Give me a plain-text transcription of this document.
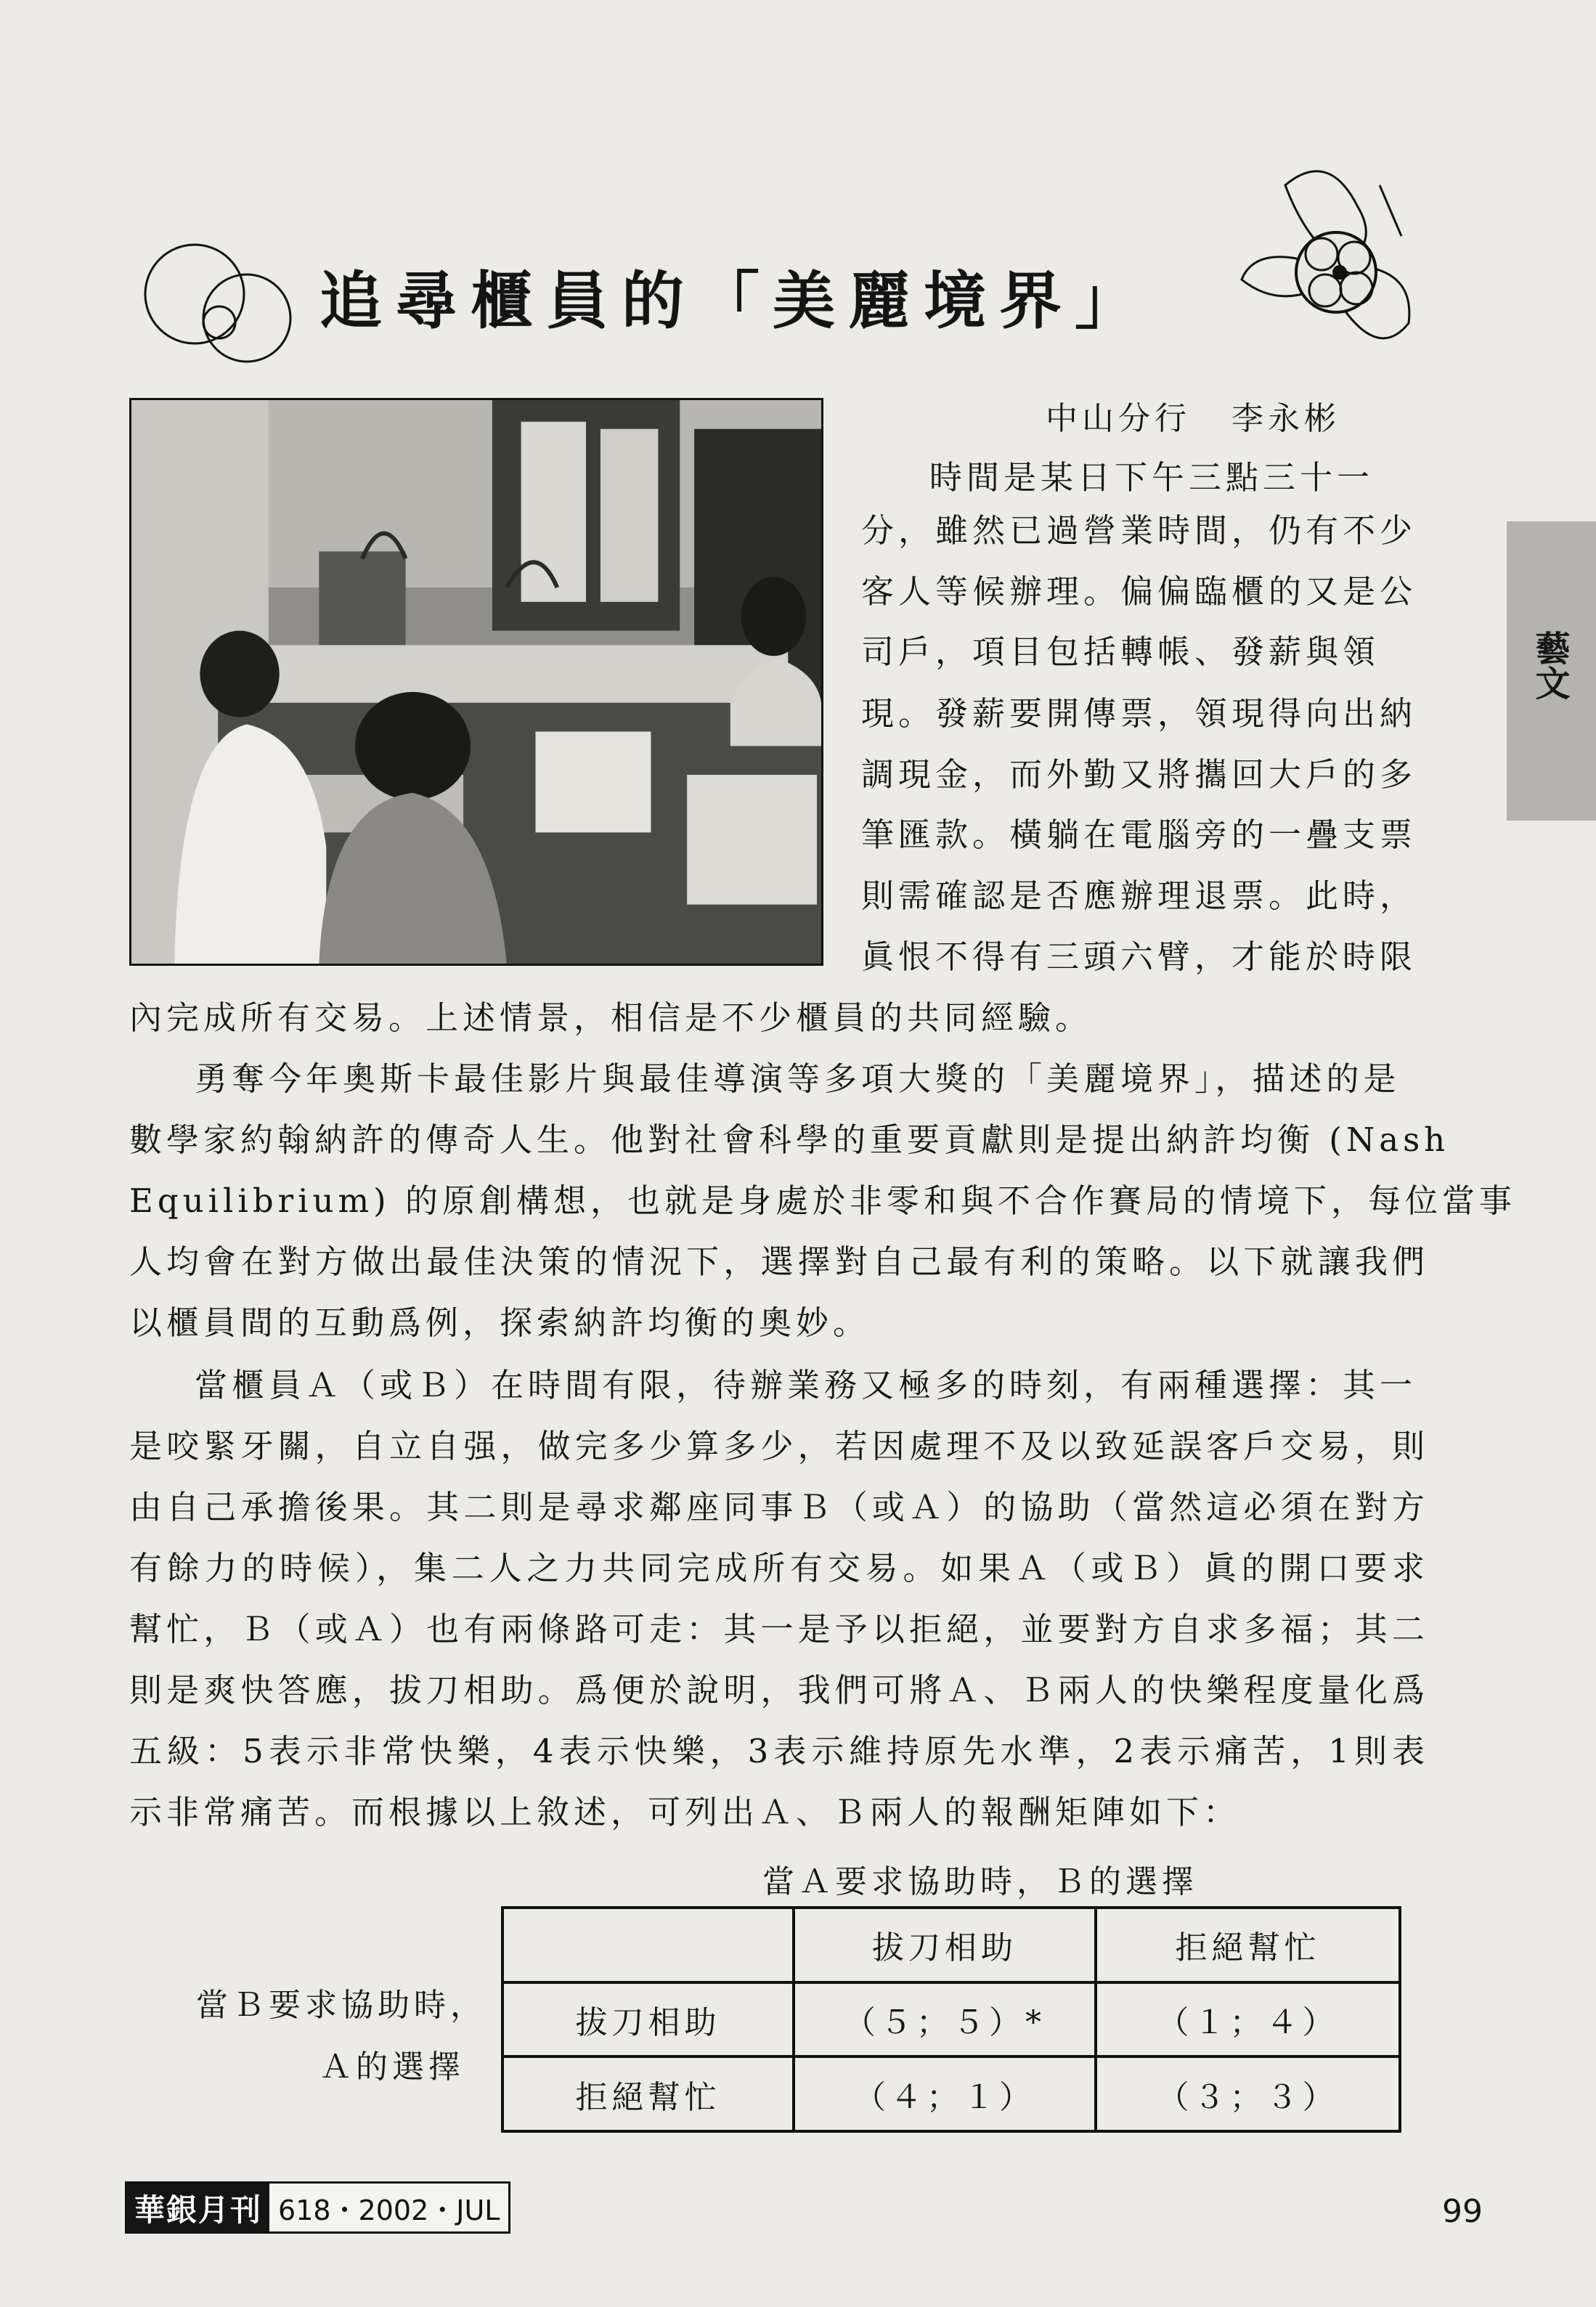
追尋櫃員的「美麗境界」
中山分行 李永彬
藝文
時間是某日下午三點三十一
分，雖然已過營業時間，仍有不少
客人等候辦理。偏偏臨櫃的又是公
司戶，項目包括轉帳、發薪與領
現。發薪要開傳票，領現得向出納
調現金，而外勤又將攜回大戶的多
筆匯款。橫躺在電腦旁的一疊支票
則需確認是否應辦理退票。此時，
眞恨不得有三頭六臂，才能於時限
內完成所有交易。上述情景，相信是不少櫃員的共同經驗。
勇奪今年奧斯卡最佳影片與最佳導演等多項大獎的「美麗境界」，描述的是
數學家約翰納許的傳奇人生。他對社會科學的重要貢獻則是提出納許均衡 (Nash
Equilibrium) 的原創構想，也就是身處於非零和與不合作賽局的情境下，每位當事
人均會在對方做出最佳決策的情況下，選擇對自己最有利的策略。以下就讓我們
以櫃員間的互動爲例，探索納許均衡的奧妙。
當櫃員Ａ（或Ｂ）在時間有限，待辦業務又極多的時刻，有兩種選擇：其一
是咬緊牙關，自立自强，做完多少算多少，若因處理不及以致延誤客戶交易，則
由自己承擔後果。其二則是尋求鄰座同事Ｂ（或Ａ）的協助（當然這必須在對方
有餘力的時候），集二人之力共同完成所有交易。如果Ａ（或Ｂ）眞的開口要求
幫忙，Ｂ（或Ａ）也有兩條路可走：其一是予以拒絕，並要對方自求多福；其二
則是爽快答應，拔刀相助。爲便於說明，我們可將Ａ、Ｂ兩人的快樂程度量化爲
五級：5表示非常快樂，4表示快樂，3表示維持原先水準，2表示痛苦，1則表
示非常痛苦。而根據以上敘述，可列出Ａ、Ｂ兩人的報酬矩陣如下：
當Ａ要求協助時，Ｂ的選擇
當Ｂ要求協助時，
Ａ的選擇
	拔刀相助	拒絕幫忙
拔刀相助	（５；５）*	（１；４）
拒絕幫忙	（４；１）	（３；３）
華銀月刊 618・2002・JUL	99
